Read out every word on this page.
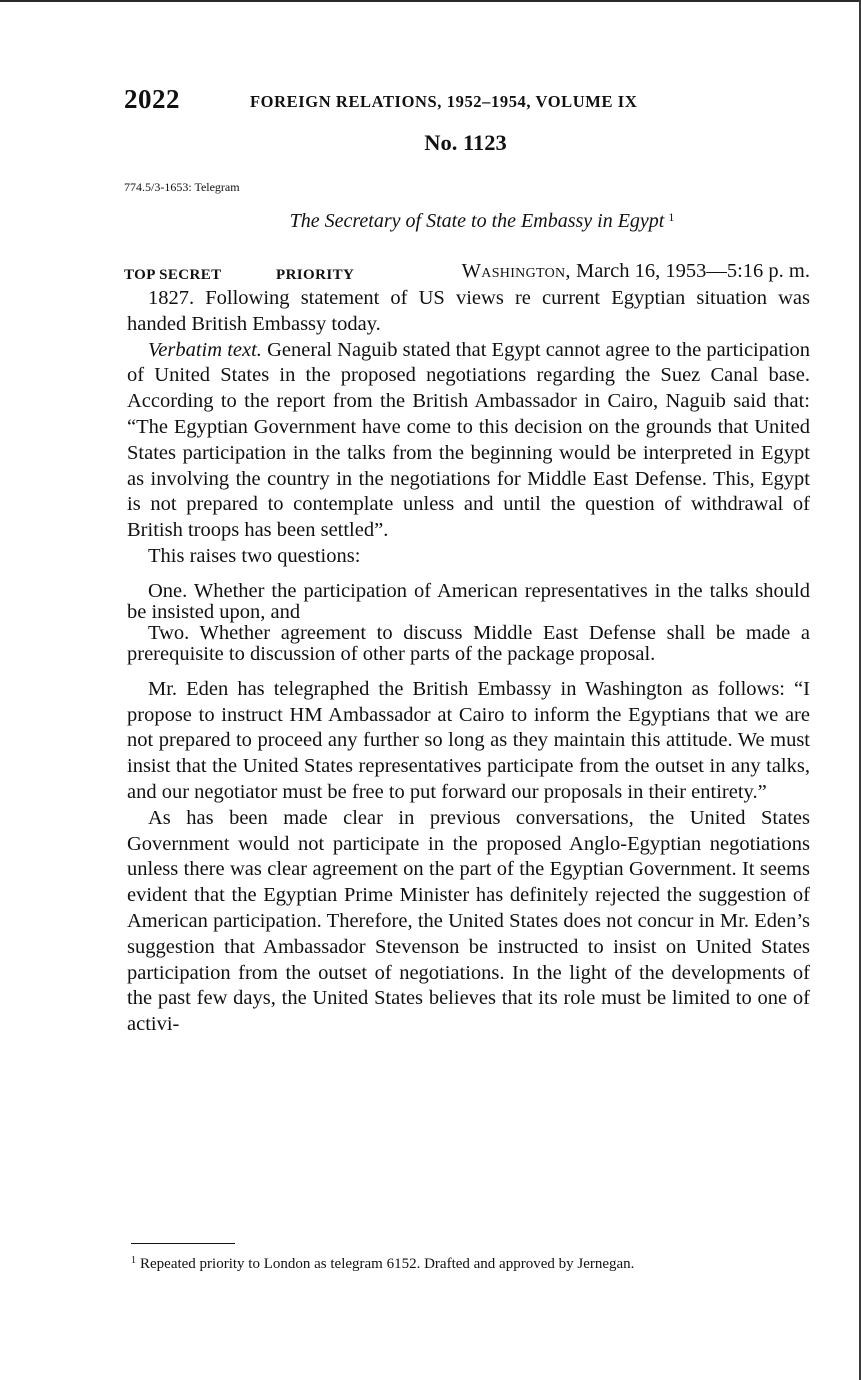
2022	FOREIGN RELATIONS, 1952–1954, VOLUME IX
No. 1123
774.5/3-1653: Telegram
The Secretary of State to the Embassy in Egypt $^1$
TOP SECRET	PRIORITY	Washington, March 16, 1953—5:16 p. m.

1827. Following statement of US views re current Egyptian situation was handed British Embassy today.

Verbatim text. General Naguib stated that Egypt cannot agree to the participation of United States in the proposed negotiations regarding the Suez Canal base. According to the report from the British Ambassador in Cairo, Naguib said that: “The Egyptian Government have come to this decision on the grounds that United States participation in the talks from the beginning would be interpreted in Egypt as involving the country in the negotiations for Middle East Defense. This, Egypt is not prepared to contemplate unless and until the question of withdrawal of British troops has been settled”.

This raises two questions:

One. Whether the participation of American representatives in the talks should be insisted upon, and
Two. Whether agreement to discuss Middle East Defense shall be made a prerequisite to discussion of other parts of the package proposal.

Mr. Eden has telegraphed the British Embassy in Washington as follows: “I propose to instruct HM Ambassador at Cairo to inform the Egyptians that we are not prepared to proceed any further so long as they maintain this attitude. We must insist that the United States representatives participate from the outset in any talks, and our negotiator must be free to put forward our proposals in their entirety.”

As has been made clear in previous conversations, the United States Government would not participate in the proposed Anglo-Egyptian negotiations unless there was clear agreement on the part of the Egyptian Government. It seems evident that the Egyptian Prime Minister has definitely rejected the suggestion of American participation. Therefore, the United States does not concur in Mr. Eden’s suggestion that Ambassador Stevenson be instructed to insist on United States participation from the outset of negotiations. In the light of the developments of the past few days, the United States believes that its role must be limited to one of activi-

$^1$ Repeated priority to London as telegram 6152. Drafted and approved by Jernegan.
